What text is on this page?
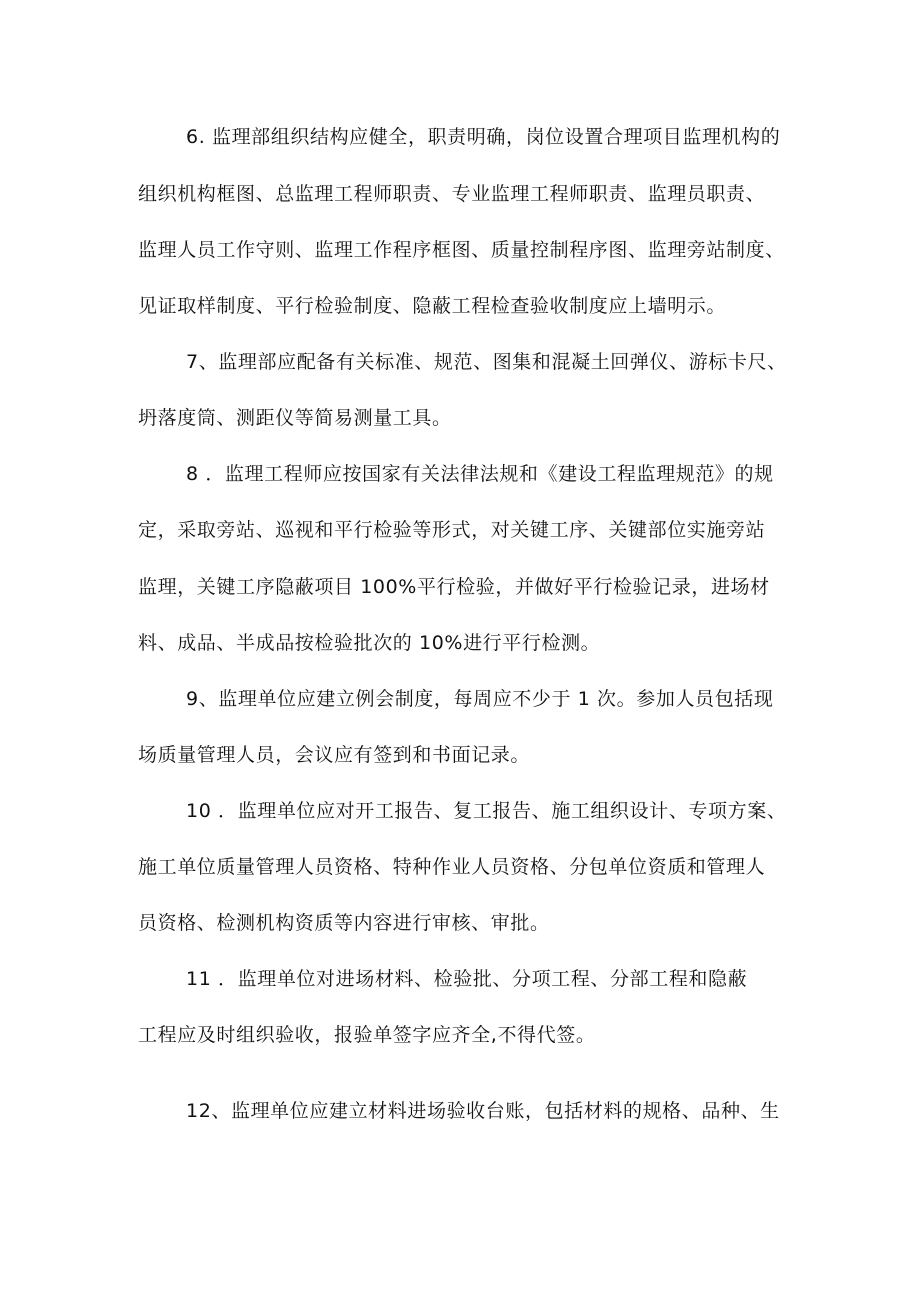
6. 监理部组织结构应健全，职责明确，岗位设置合理项目监理机构的
组织机构框图、总监理工程师职责、专业监理工程师职责、监理员职责、
监理人员工作守则、监理工作程序框图、质量控制程序图、监理旁站制度、
见证取样制度、平行检验制度、隐蔽工程检查验收制度应上墙明示。
7、监理部应配备有关标准、规范、图集和混凝土回弹仪、游标卡尺、
坍落度筒、测距仪等简易测量工具。
8 ．监理工程师应按国家有关法律法规和《建设工程监理规范》的规
定，采取旁站、巡视和平行检验等形式，对关键工序、关键部位实施旁站
监理，关键工序隐蔽项目 100%平行检验，并做好平行检验记录，进场材
料、成品、半成品按检验批次的 10%进行平行检测。
9、监理单位应建立例会制度，每周应不少于 1 次。参加人员包括现
场质量管理人员，会议应有签到和书面记录。
10 ．监理单位应对开工报告、复工报告、施工组织设计、专项方案、
施工单位质量管理人员资格、特种作业人员资格、分包单位资质和管理人
员资格、检测机构资质等内容进行审核、审批。
11 ．监理单位对进场材料、检验批、分项工程、分部工程和隐蔽
工程应及时组织验收，报验单签字应齐全,不得代签。
12、监理单位应建立材料进场验收台账，包括材料的规格、品种、生
